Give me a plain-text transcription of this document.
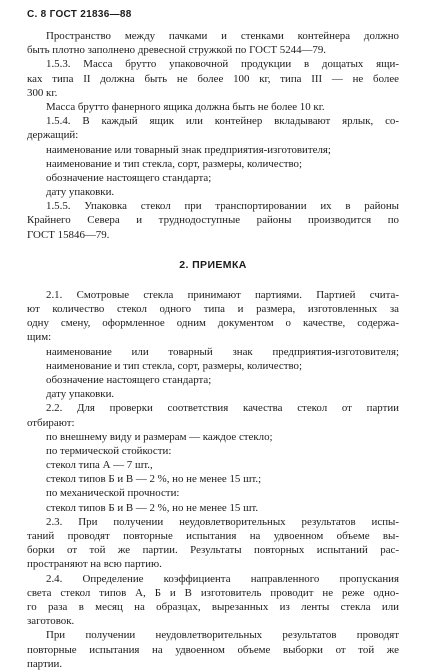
С. 8 ГОСТ 21836—88
Пространство между пачками и стенками контейнера должно
быть плотно заполнено древесной стружкой по ГОСТ 5244—79.
1.5.3. Масса брутто упаковочной продукции в дощатых ящи-
ках типа II должна быть не более 100 кг, типа III — не более
300 кг.
Масса брутто фанерного ящика должна быть не более 10 кг.
1.5.4. В каждый ящик или контейнер вкладывают ярлык, со-
держащий:
наименование или товарный знак предприятия-изготовителя;
наименование и тип стекла, сорт, размеры, количество;
обозначение настоящего стандарта;
дату упаковки.
1.5.5. Упаковка стекол при транспортировании их в районы
Крайнего Севера и труднодоступные районы производится по
ГОСТ 15846—79.
2. ПРИЕМКА
2.1. Смотровые стекла принимают партиями. Партией счита-
ют количество стекол одного типа и размера, изготовленных за
одну смену, оформленное одним документом о качестве, содержа-
щим:
наименование или товарный знак предприятия-изготовителя;
наименование и тип стекла, сорт, размеры, количество;
обозначение настоящего стандарта;
дату упаковки.
2.2. Для проверки соответствия качества стекол от партии
отбирают:
по внешнему виду и размерам — каждое стекло;
по термической стойкости:
стекол типа А — 7 шт.,
стекол типов Б и В — 2 %, но не менее 15 шт.;
по механической прочности:
стекол типов Б и В — 2 %, но не менее 15 шт.
2.3. При получении неудовлетворительных результатов испы-
таний проводят повторные испытания на удвоенном объеме вы-
борки от той же партии. Результаты повторных испытаний рас-
пространяют на всю партию.
2.4. Определение коэффициента направленного пропускания
света стекол типов А, Б и В изготовитель проводит не реже одно-
го раза в месяц на образцах, вырезанных из ленты стекла или
заготовок.
При получении неудовлетворительных результатов проводят
повторные испытания на удвоенном объеме выборки от той же
партии.
